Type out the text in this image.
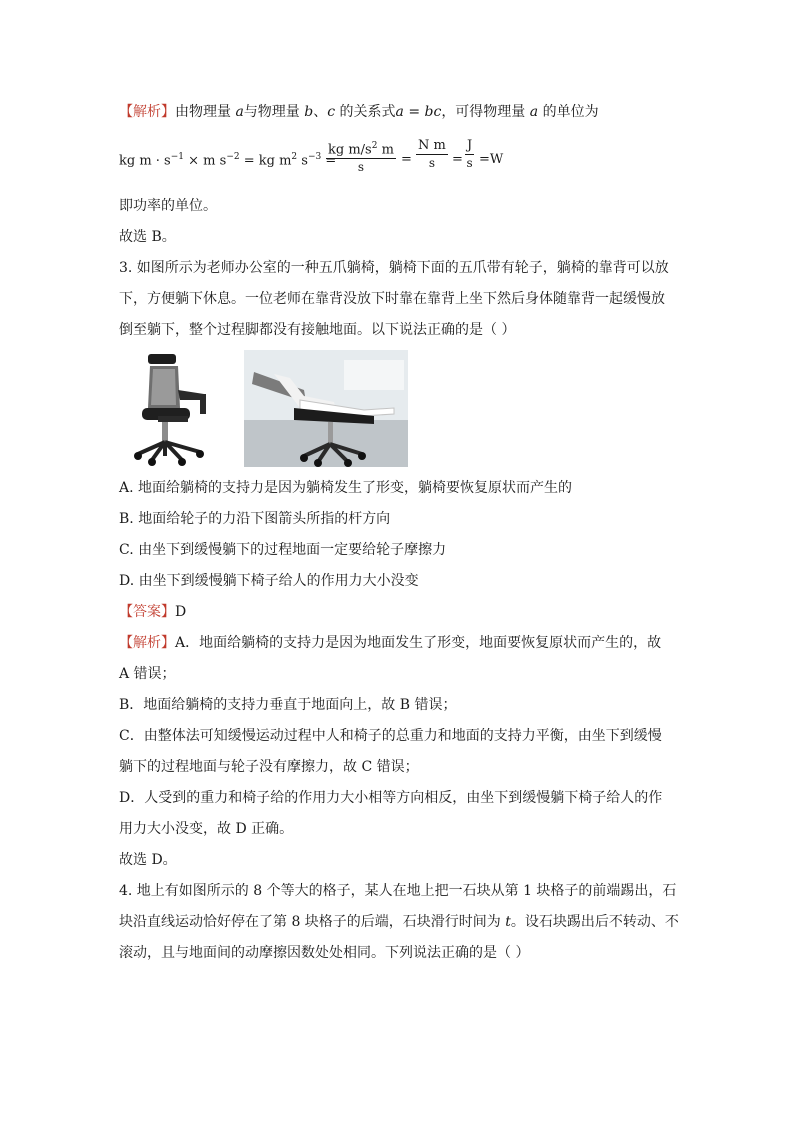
【解析】由物理量 a与物理量 b、c 的关系式a = bc，可得物理量 a 的单位为
kg $m \cdot s^{-1} \times m$ $s^{-2}$ = kg $m^2$ $s^{-3}$ =
$\frac{kg m/s^2 m}{s} = \frac{\text{N m}}{s} = \frac{J}{s} =W$
即功率的单位。
故选 B。
3. 如图所示为老师办公室的一种五爪躺椅，躺椅下面的五爪带有轮子，躺椅的靠背可以放
下，方便躺下休息。一位老师在靠背没放下时靠在靠背上坐下然后身体随靠背一起缓慢放
倒至躺下，整个过程脚都没有接触地面。以下说法正确的是（ ）
A. 地面给躺椅的支持力是因为躺椅发生了形变，躺椅要恢复原状而产生的
B. 地面给轮子的力沿下图箭头所指的杆方向
C. 由坐下到缓慢躺下的过程地面一定要给轮子摩擦力
D. 由坐下到缓慢躺下椅子给人的作用力大小没变
【答案】D
【解析】A．地面给躺椅的支持力是因为地面发生了形变，地面要恢复原状而产生的，故
A 错误；
B．地面给躺椅的支持力垂直于地面向上，故 B 错误；
C．由整体法可知缓慢运动过程中人和椅子的总重力和地面的支持力平衡，由坐下到缓慢
躺下的过程地面与轮子没有摩擦力，故 C 错误；
D．人受到的重力和椅子给的作用力大小相等方向相反，由坐下到缓慢躺下椅子给人的作
用力大小没变，故 D 正确。
故选 D。
4. 地上有如图所示的 8 个等大的格子，某人在地上把一石块从第 1 块格子的前端踢出，石
块沿直线运动恰好停在了第 8 块格子的后端，石块滑行时间为 t。设石块踢出后不转动、不
滚动，且与地面间的动摩擦因数处处相同。下列说法正确的是（ ）
